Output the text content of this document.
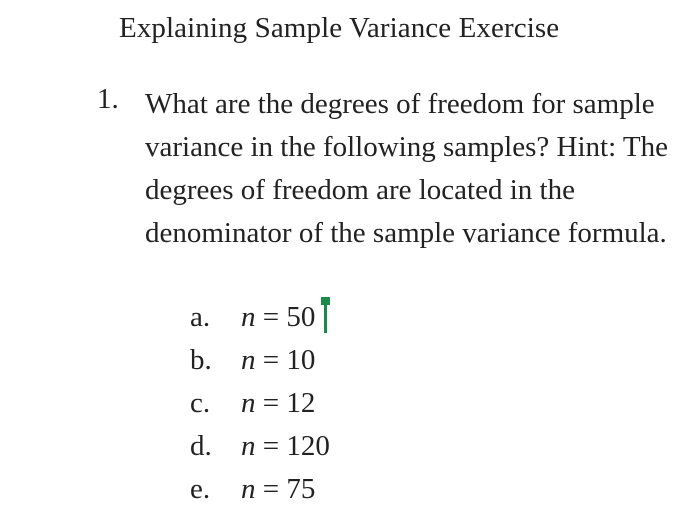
Explaining Sample Variance Exercise
1. What are the degrees of freedom for sample variance in the following samples? Hint: The degrees of freedom are located in the denominator of the sample variance formula.
a. n = 50
b. n = 10
c. n = 12
d. n = 120
e. n = 75
